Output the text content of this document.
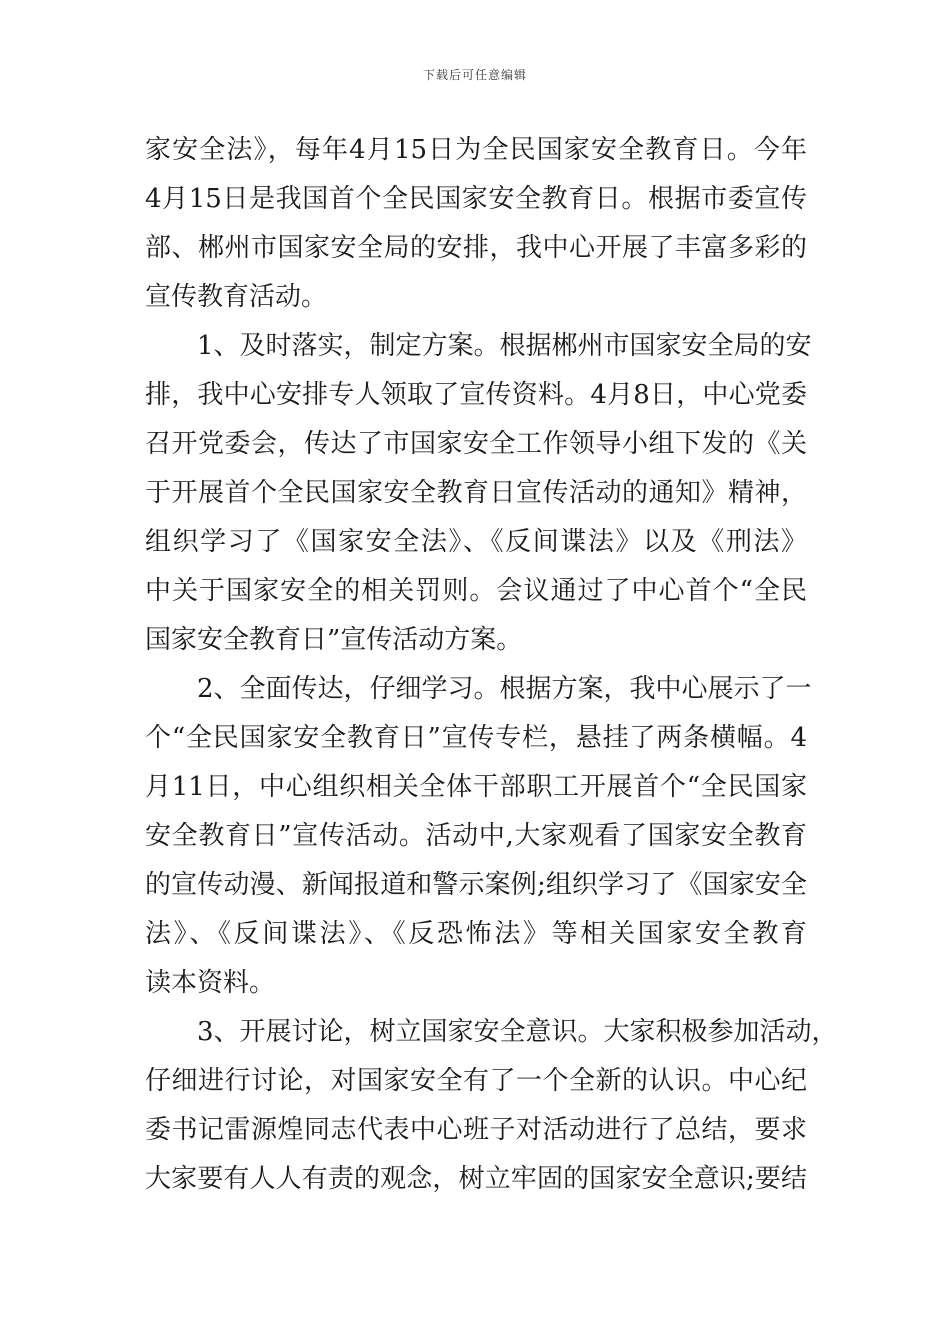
下载后可任意编辑
家安全法》，每年4月15日为全民国家安全教育日。今年
4月15日是我国首个全民国家安全教育日。根据市委宣传
部、郴州市国家安全局的安排，我中心开展了丰富多彩的
宣传教育活动。
1、及时落实，制定方案。根据郴州市国家安全局的安
排，我中心安排专人领取了宣传资料。4月8日，中心党委
召开党委会，传达了市国家安全工作领导小组下发的《关
于开展首个全民国家安全教育日宣传活动的通知》精神，
组织学习了《国家安全法》、《反间谍法》以及《刑法》
中关于国家安全的相关罚则。会议通过了中心首个“全民
国家安全教育日”宣传活动方案。
2、全面传达，仔细学习。根据方案，我中心展示了一
个“全民国家安全教育日”宣传专栏，悬挂了两条横幅。4
月11日，中心组织相关全体干部职工开展首个“全民国家
安全教育日”宣传活动。活动中,大家观看了国家安全教育
的宣传动漫、新闻报道和警示案例;组织学习了《国家安全
法》、《反间谍法》、《反恐怖法》等相关国家安全教育
读本资料。
3、开展讨论，树立国家安全意识。大家积极参加活动，
仔细进行讨论，对国家安全有了一个全新的认识。中心纪
委书记雷源煌同志代表中心班子对活动进行了总结，要求
大家要有人人有责的观念，树立牢固的国家安全意识;要结
